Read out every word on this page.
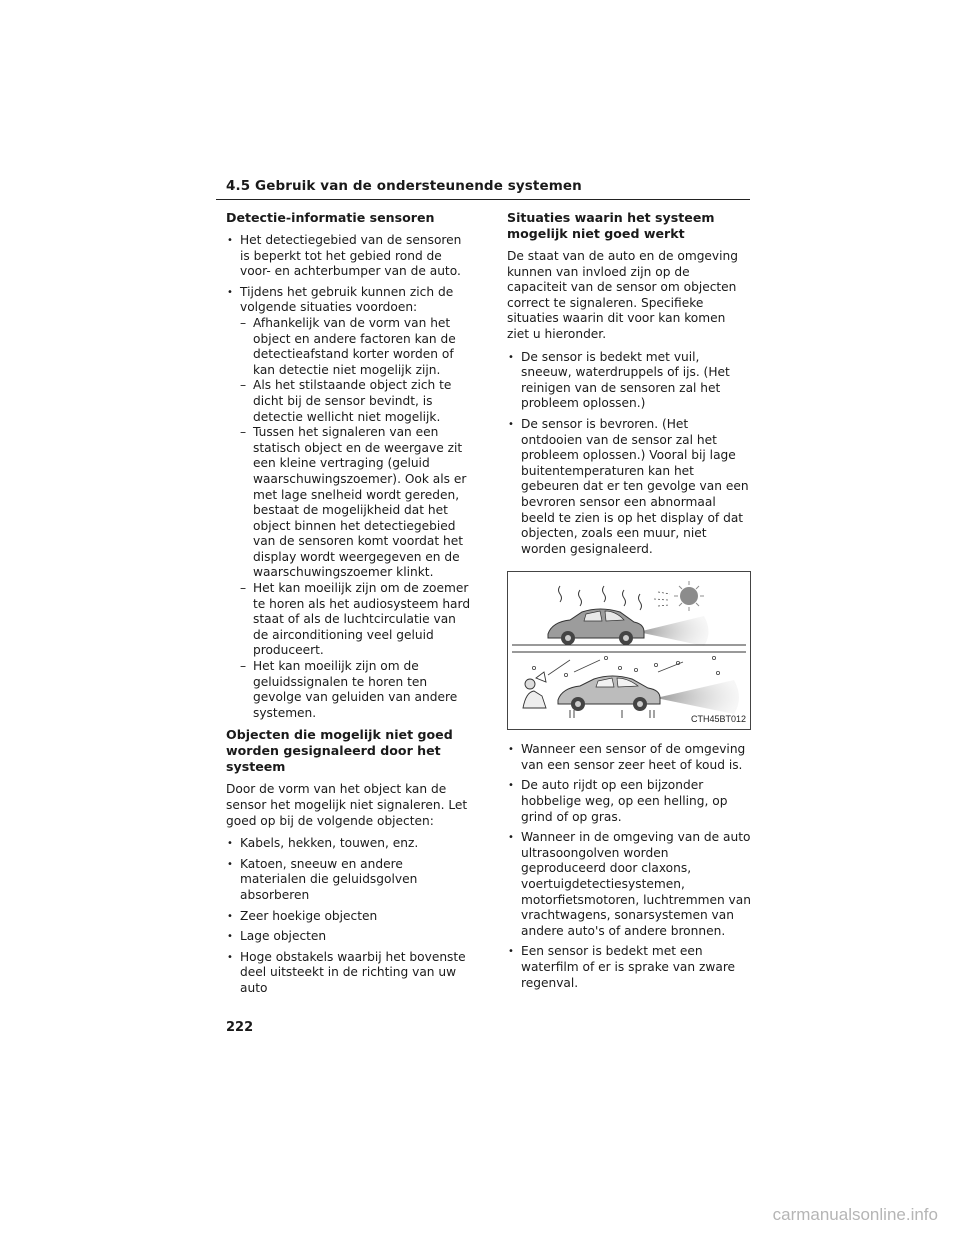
4.5 Gebruik van de ondersteunende systemen
Detectie-informatie sensoren
• Het detectiegebied van de sensoren is beperkt tot het gebied rond de voor- en achterbumper van de auto.
• Tijdens het gebruik kunnen zich de volgende situaties voordoen:
– Afhankelijk van de vorm van het object en andere factoren kan de detectieafstand korter worden of kan detectie niet mogelijk zijn.
– Als het stilstaande object zich te dicht bij de sensor bevindt, is detectie wellicht niet mogelijk.
– Tussen het signaleren van een statisch object en de weergave zit een kleine vertraging (geluid waarschuwingszoemer). Ook als er met lage snelheid wordt gereden, bestaat de mogelijkheid dat het object binnen het detectiegebied van de sensoren komt voordat het display wordt weergegeven en de waarschuwingszoemer klinkt.
– Het kan moeilijk zijn om de zoemer te horen als het audiosysteem hard staat of als de luchtcirculatie van de airconditioning veel geluid produceert.
– Het kan moeilijk zijn om de geluidssignalen te horen ten gevolge van geluiden van andere systemen.
Objecten die mogelijk niet goed worden gesignaleerd door het systeem
Door de vorm van het object kan de sensor het mogelijk niet signaleren. Let goed op bij de volgende objecten:
• Kabels, hekken, touwen, enz.
• Katoen, sneeuw en andere materialen die geluidsgolven absorberen
• Zeer hoekige objecten
• Lage objecten
• Hoge obstakels waarbij het bovenste deel uitsteekt in de richting van uw auto
Situaties waarin het systeem mogelijk niet goed werkt
De staat van de auto en de omgeving kunnen van invloed zijn op de capaciteit van de sensor om objecten correct te signaleren. Specifieke situaties waarin dit voor kan komen ziet u hieronder.
• De sensor is bedekt met vuil, sneeuw, waterdruppels of ijs. (Het reinigen van de sensoren zal het probleem oplossen.)
• De sensor is bevroren. (Het ontdooien van de sensor zal het probleem oplossen.) Vooral bij lage buitentemperaturen kan het gebeuren dat er ten gevolge van een bevroren sensor een abnormaal beeld te zien is op het display of dat objecten, zoals een muur, niet worden gesignaleerd.
CTH45BT012
• Wanneer een sensor of de omgeving van een sensor zeer heet of koud is.
• De auto rijdt op een bijzonder hobbelige weg, op een helling, op grind of op gras.
• Wanneer in de omgeving van de auto ultrasoongolven worden geproduceerd door claxons, voertuigdetectiesystemen, motorfietsmotoren, luchtremmen van vrachtwagens, sonarsystemen van andere auto's of andere bronnen.
• Een sensor is bedekt met een waterfilm of er is sprake van zware regenval.
222
carmanualsonline.info
